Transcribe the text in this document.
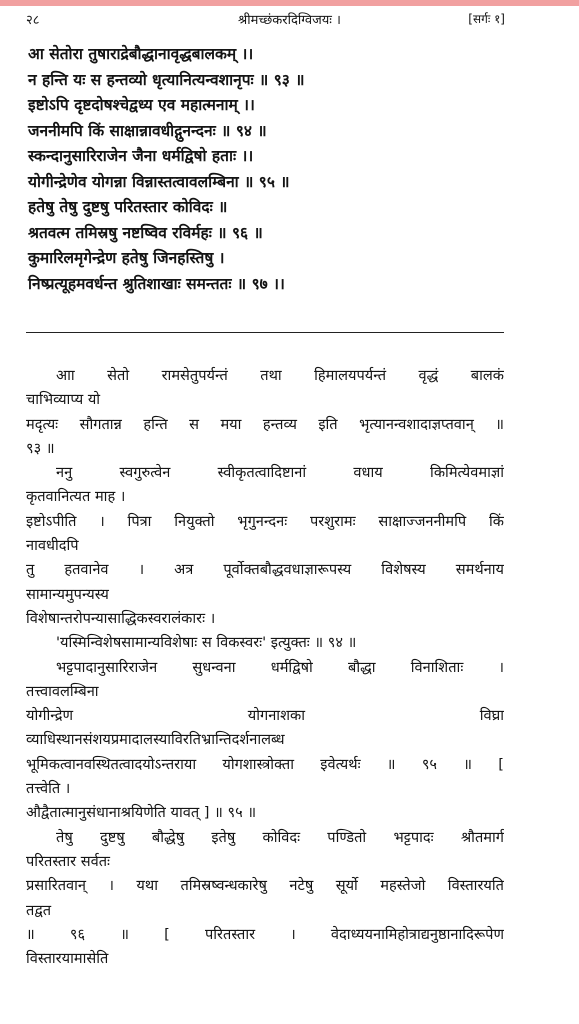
२८	श्रीमच्छंकरदिग्विजयः ।	[सर्गः १]
आ सेतोरा तुषाराद्रेबौद्धानावृद्धबालकम् ।।
न हन्ति यः स हन्तव्यो धृत्यानित्यन्वशानृपः ॥ ९३ ॥
इष्टोऽपि दृष्टदोषश्चेद्वध्य एव महात्मनाम् ।।
जननीमपि किं साक्षान्नावधीद्गुनन्दनः ॥ ९४ ॥
स्कन्दानुसारिराजेन जैना धर्मद्विषो हताः ।।
योगीन्द्रेणेव योगन्ना विन्नास्तत्वावलम्बिना ॥ ९५ ॥
हतेषु तेषु दुष्टषु परितस्तार कोविदः ॥
श्रतवत्म तमिस्रषु नष्टष्विव रविर्महः ॥ ९६ ॥
कुमारिलमृगेन्द्रेण हतेषु जिनहस्तिषु ।
निष्प्रत्यूहमवर्धन्त श्रुतिशाखाः समन्ततः ॥ ९७ ।।
आा सेतो रामसेतुपर्यन्तं तथा हिमालयपर्यन्तं वृद्धं बालकं
चाभिव्याप्य यो
मदृत्यः सौगतान्न हन्ति स मया हन्तव्य इति भृत्यानन्वशादाज्ञप्तवान् ॥
९३ ॥
ननु स्वगुरुत्वेन स्वीकृतत्वादिष्टानां वधाय किमित्येवमाज्ञां
कृतवानित्यत माह ।
इष्टोऽपीति । पित्रा नियुक्तो भृगुनन्दनः परशुरामः साक्षाज्जननीमपि किं
नावधीदपि
तु हतवानेव । अत्र पूर्वोक्तबौद्धवधाज्ञारूपस्य विशेषस्य समर्थनाय
सामान्यमुपन्यस्य
विशेषान्तरोपन्यासाद्धिकस्वरालंकारः ।
'यस्मिन्विशेषसामान्यविशेषाः स विकस्वरः' इत्युक्तः ॥ ९४ ॥
भट्टपादानुसारिराजेन सुधन्वना धर्मद्विषो बौद्धा विनाशिताः ।
तत्त्वावलम्बिना
योगीन्द्रेण योगनाशका विघ्रा
व्याधिस्थानसंशयप्रमादालस्याविरतिभ्रान्तिदर्शनालब्ध
भूमिकत्वानवस्थितत्वादयोऽन्तराया योगशास्त्रोक्ता इवेत्यर्थः ॥ ९५ ॥ [
तत्त्वेति ।
औद्वैतात्मानुसंधानाश्रयिणेति यावत् ] ॥ ९५ ॥
तेषु दुष्टषु बौद्धेषु इतेषु कोविदः पण्डितो भट्टपादः श्रौतमार्ग
परितस्तार सर्वतः
प्रसारितवान् । यथा तमिस्रष्वन्धकारेषु नटेषु सूर्यो महस्तेजो विस्तारयति
तद्वत
॥ ९६ ॥ [ परितस्तार । वेदाध्ययनामिहोत्राद्यनुष्ठानादिरूपेण
विस्तारयामासेति
